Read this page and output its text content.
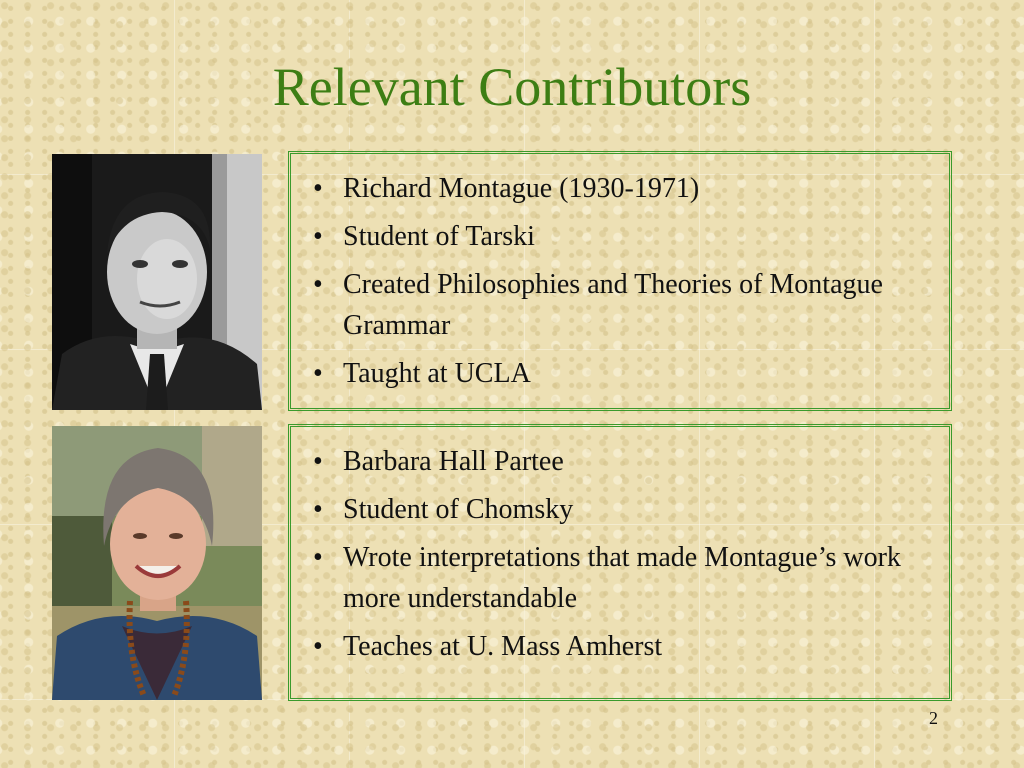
Relevant Contributors
• Richard Montague (1930-1971)
• Student of Tarski
• Created Philosophies and Theories of Montague Grammar
• Taught at UCLA
• Barbara Hall Partee
• Student of Chomsky
• Wrote interpretations that made Montague’s work more understandable
• Teaches at U. Mass Amherst
2
